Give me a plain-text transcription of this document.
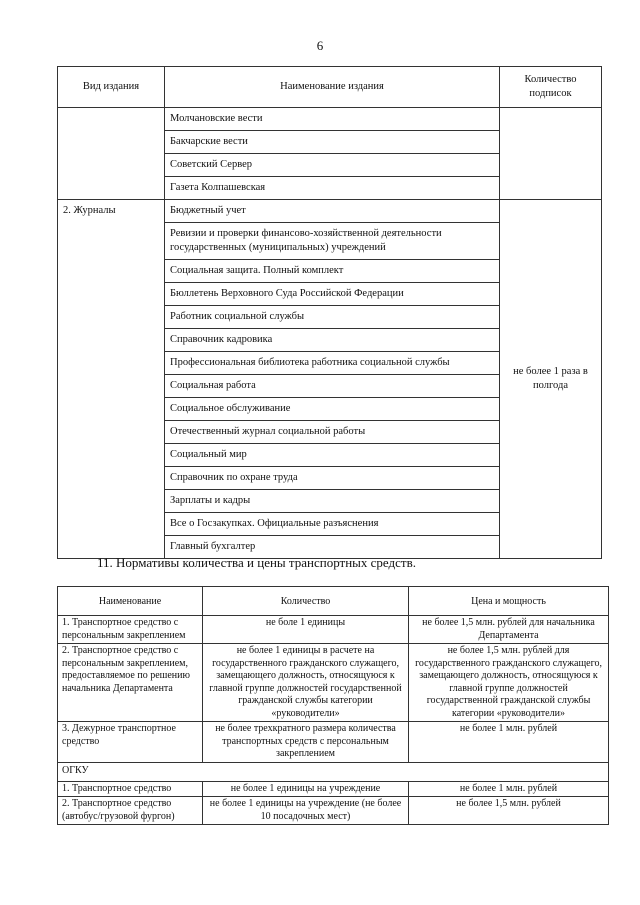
6
Вид издания	Наименование издания	Количество подписок
	Молчановские вести	
	Бакчарские вести	
	Советский Сервер	
	Газета Колпашевская	
2. Журналы	Бюджетный учет	не более 1 раза в полгода
	Ревизии и проверки финансово-хозяйственной деятельности государственных (муниципальных) учреждений	
	Социальная защита. Полный комплект	
	Бюллетень Верховного Суда Российской Федерации	
	Работник социальной службы	
	Справочник кадровика	
	Профессиональная библиотека работника социальной службы	
	Социальная работа	
	Социальное обслуживание	
	Отечественный журнал социальной работы	
	Социальный мир	
	Справочник по охране труда	
	Зарплаты и кадры	
	Все о Госзакупках. Официальные разъяснения	
	Главный бухгалтер	
11. Нормативы количества и цены транспортных средств.
Наименование	Количество	Цена и мощность
1. Транспортное средство с персональным закреплением	не боле 1 единицы	не более 1,5 млн. рублей для начальника Департамента
2. Транспортное средство с персональным закреплением, предоставляемое по решению начальника Департамента	не более 1 единицы в расчете на государственного гражданского служащего, замещающего должность, относящуюся к главной группе должностей государственной гражданской службы категории «руководители»	не более 1,5 млн. рублей для государственного гражданского служащего, замещающего должность, относящуюся к главной группе должностей государственной гражданской службы категории «руководители»
3. Дежурное транспортное средство	не более трехкратного размера количества транспортных средств с персональным закреплением	не более 1 млн. рублей
ОГКУ		
1. Транспортное средство	не более 1 единицы на учреждение	не более 1 млн. рублей
2. Транспортное средство (автобус/грузовой фургон)	не более 1 единицы на учреждение (не более 10 посадочных мест)	не более 1,5 млн. рублей
